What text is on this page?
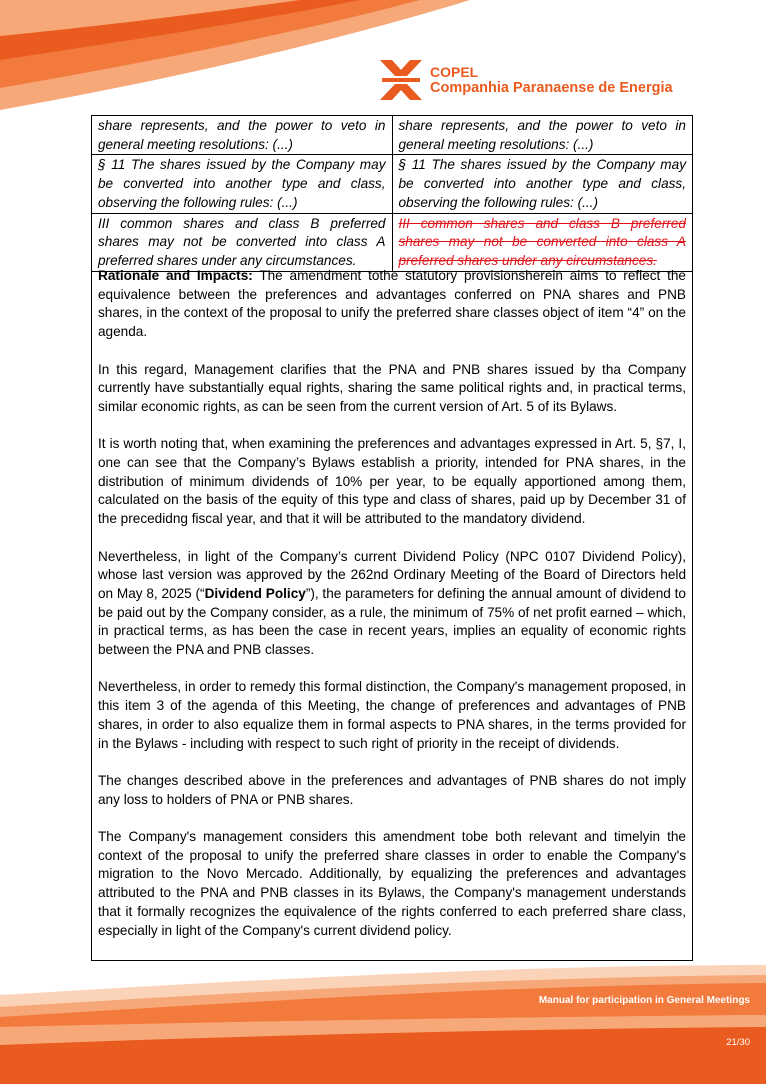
COPEL
Companhia Paranaense de Energia
share represents, and the power to veto in general meeting resolutions: (...)	share represents, and the power to veto in general meeting resolutions: (...)
§ 11 The shares issued by the Company may be converted into another type and class, observing the following rules: (...)	§ 11 The shares issued by the Company may be converted into another type and class, observing the following rules: (...)
III common shares and class B preferred shares may not be converted into class A preferred shares under any circumstances.	III common shares and class B preferred shares may not be converted into class A preferred shares under any circumstances.

Rationale and Impacts: The amendment tothe statutory provisionsherein aims to reflect the equivalence between the preferences and advantages conferred on PNA shares and PNB shares, in the context of the proposal to unify the preferred share classes object of item “4” on the agenda.

In this regard, Management clarifies that the PNA and PNB shares issued by tha Company currently have substantially equal rights, sharing the same political rights and, in practical terms, similar economic rights, as can be seen from the current version of Art. 5 of its Bylaws.

It is worth noting that, when examining the preferences and advantages expressed in Art. 5, §7, I, one can see that the Company’s Bylaws establish a priority, intended for PNA shares, in the distribution of minimum dividends of 10% per year, to be equally apportioned among them, calculated on the basis of the equity of this type and class of shares, paid up by December 31 of the precedidng fiscal year, and that it will be attributed to the mandatory dividend.

Nevertheless, in light of the Company’s current Dividend Policy (NPC 0107 Dividend Policy), whose last version was approved by the 262nd Ordinary Meeting of the Board of Directors held on May 8, 2025 (“Dividend Policy”), the parameters for defining the annual amount of dividend to be paid out by the Company consider, as a rule, the minimum of 75% of net profit earned – which, in practical terms, as has been the case in recent years, implies an equality of economic rights between the PNA and PNB classes.

Nevertheless, in order to remedy this formal distinction, the Company's management proposed, in this item 3 of the agenda of this Meeting, the change of preferences and advantages of PNB shares, in order to also equalize them in formal aspects to PNA shares, in the terms provided for in the Bylaws - including with respect to such right of priority in the receipt of dividends.

The changes described above in the preferences and advantages of PNB shares do not imply any loss to holders of PNA or PNB shares.

The Company's management considers this amendment tobe both relevant and timelyin the context of the proposal to unify the preferred share classes in order to enable the Company's migration to the Novo Mercado. Additionally, by equalizing the preferences and advantages attributed to the PNA and PNB classes in its Bylaws, the Company's management understands that it formally recognizes the equivalence of the rights conferred to each preferred share class, especially in light of the Company's current dividend policy.

Manual for participation in General Meetings
21/30
